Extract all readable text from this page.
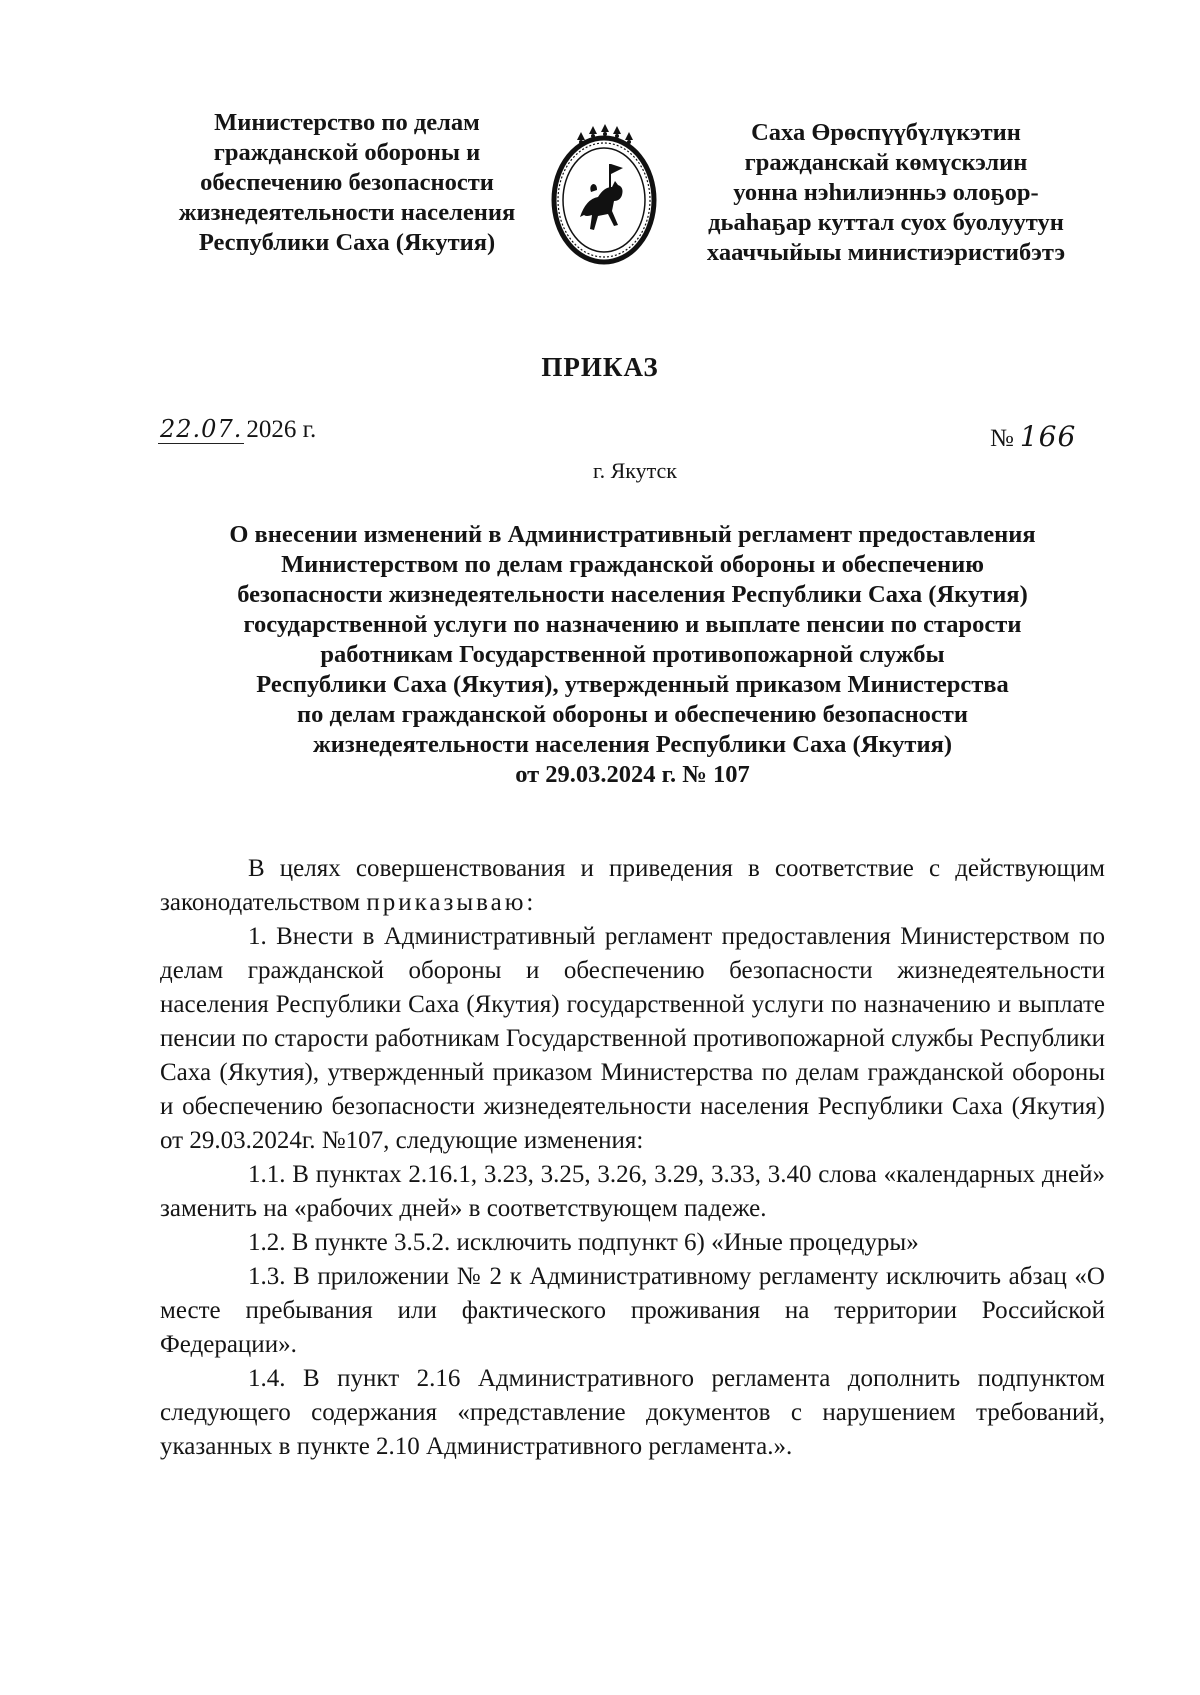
Министерство по делам
гражданской обороны и
обеспечению безопасности
жизнедеятельности населения
Республики Саха (Якутия)
Саха Өрөспүүбүлүкэтин
гражданскай көмүскэлин
уонна нэһилиэнньэ олоҕор-
дьаһаҕар куттал суох буолуутун
хааччыйыы министиэристибэтэ
ПРИКАЗ
22.07. 2026 г.	№ 166
г. Якутск
О внесении изменений в Административный регламент предоставления
Министерством по делам гражданской обороны и обеспечению
безопасности жизнедеятельности населения Республики Саха (Якутия)
государственной услуги по назначению и выплате пенсии по старости
работникам Государственной противопожарной службы
Республики Саха (Якутия), утвержденный приказом Министерства
по делам гражданской обороны и обеспечению безопасности
жизнедеятельности населения Республики Саха (Якутия)
от 29.03.2024 г. № 107

В целях совершенствования и приведения в соответствие с действующим законодательством приказываю:

1. Внести в Административный регламент предоставления Министерством по делам гражданской обороны и обеспечению безопасности жизнедеятельности населения Республики Саха (Якутия) государственной услуги по назначению и выплате пенсии по старости работникам Государственной противопожарной службы Республики Саха (Якутия), утвержденный приказом Министерства по делам гражданской обороны и обеспечению безопасности жизнедеятельности населения Республики Саха (Якутия) от 29.03.2024г. №107, следующие изменения:

1.1. В пунктах 2.16.1, 3.23, 3.25, 3.26, 3.29, 3.33, 3.40 слова «календарных дней» заменить на «рабочих дней» в соответствующем падеже.

1.2. В пункте 3.5.2. исключить подпункт 6) «Иные процедуры»

1.3. В приложении № 2 к Административному регламенту исключить абзац «О месте пребывания или фактического проживания на территории Российской Федерации».

1.4. В пункт 2.16 Административного регламента дополнить подпунктом следующего содержания «представление документов с нарушением требований, указанных в пункте 2.10 Административного регламента.».
